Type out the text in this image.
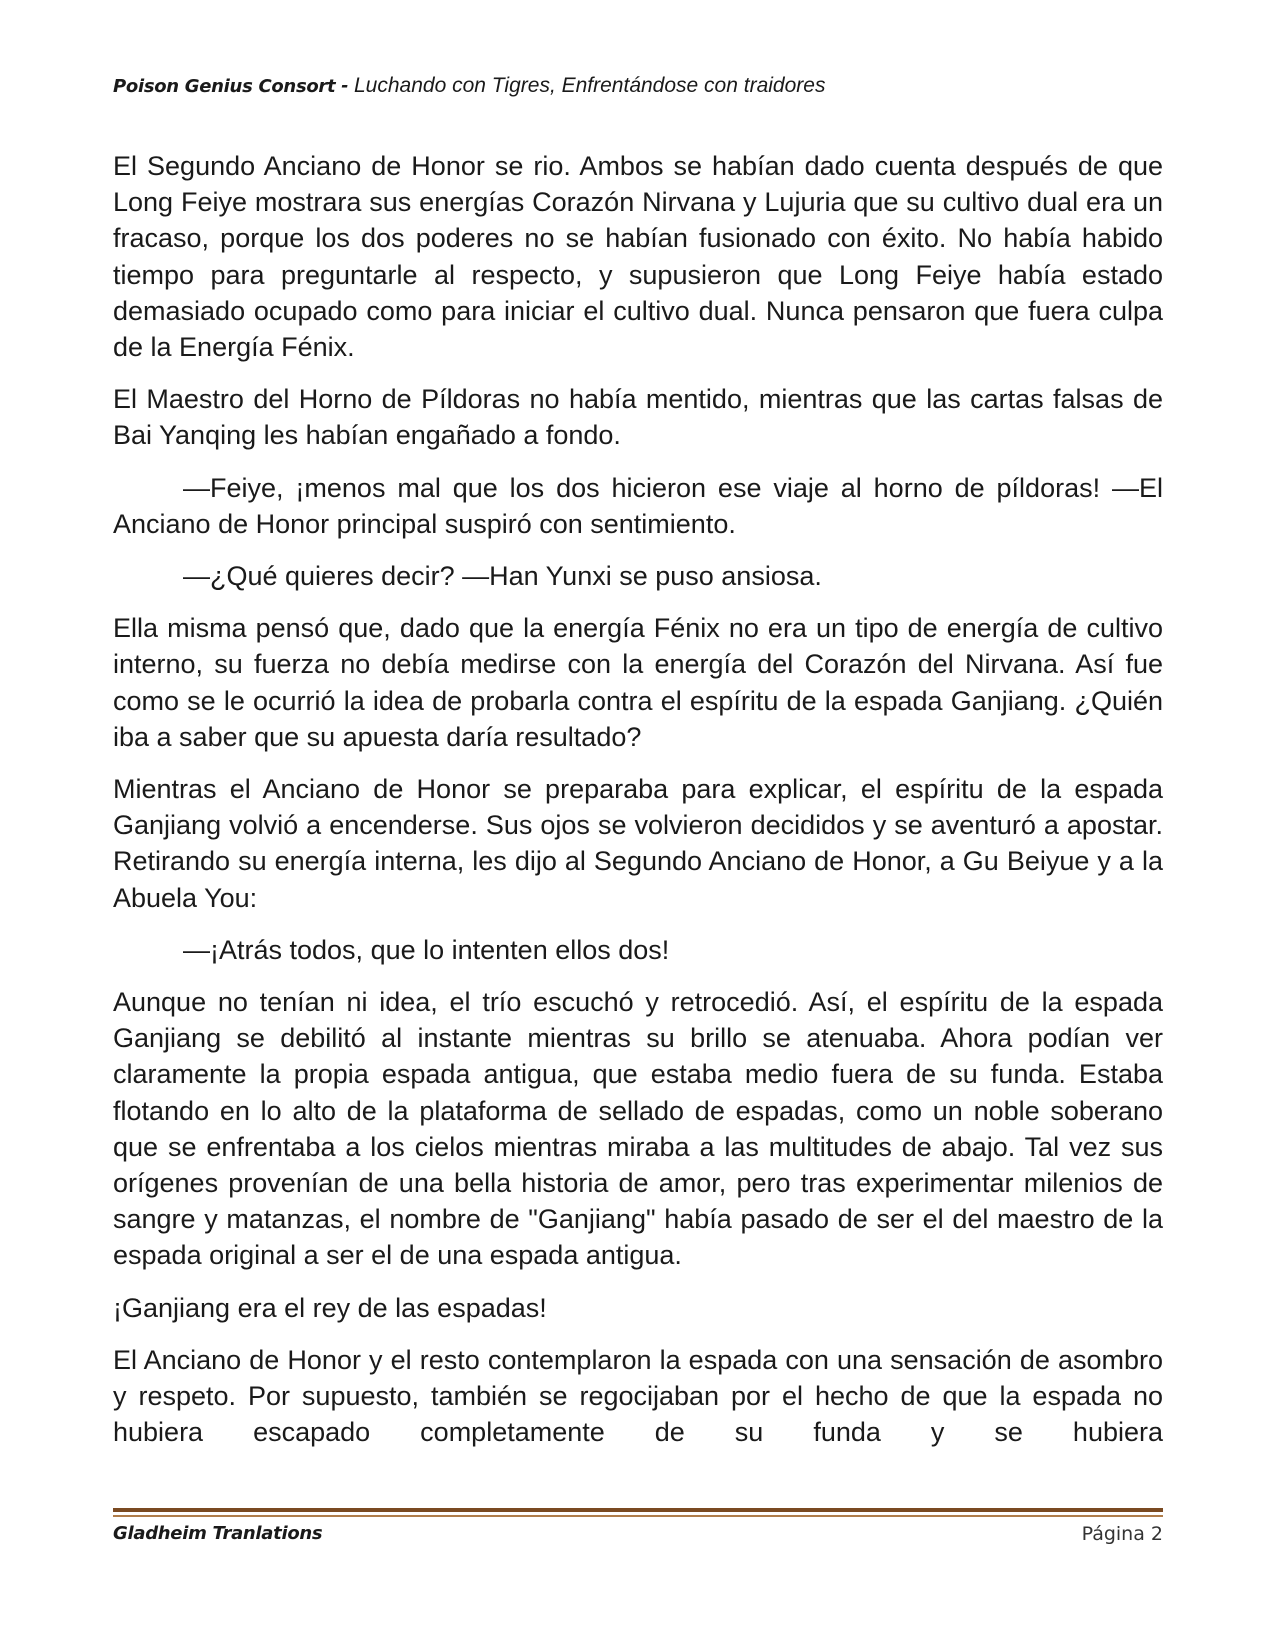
Poison Genius Consort - Luchando con Tigres, Enfrentándose con traidores

El Segundo Anciano de Honor se rio. Ambos se habían dado cuenta después de que Long Feiye mostrara sus energías Corazón Nirvana y Lujuria que su cultivo dual era un fracaso, porque los dos poderes no se habían fusionado con éxito. No había habido tiempo para preguntarle al respecto, y supusieron que Long Feiye había estado demasiado ocupado como para iniciar el cultivo dual. Nunca pensaron que fuera culpa de la Energía Fénix.

El Maestro del Horno de Píldoras no había mentido, mientras que las cartas falsas de Bai Yanqing les habían engañado a fondo.

—Feiye, ¡menos mal que los dos hicieron ese viaje al horno de píldoras! —El Anciano de Honor principal suspiró con sentimiento.

—¿Qué quieres decir? —Han Yunxi se puso ansiosa.

Ella misma pensó que, dado que la energía Fénix no era un tipo de energía de cultivo interno, su fuerza no debía medirse con la energía del Corazón del Nirvana. Así fue como se le ocurrió la idea de probarla contra el espíritu de la espada Ganjiang. ¿Quién iba a saber que su apuesta daría resultado?

Mientras el Anciano de Honor se preparaba para explicar, el espíritu de la espada Ganjiang volvió a encenderse. Sus ojos se volvieron decididos y se aventuró a apostar. Retirando su energía interna, les dijo al Segundo Anciano de Honor, a Gu Beiyue y a la Abuela You:

—¡Atrás todos, que lo intenten ellos dos!

Aunque no tenían ni idea, el trío escuchó y retrocedió. Así, el espíritu de la espada Ganjiang se debilitó al instante mientras su brillo se atenuaba. Ahora podían ver claramente la propia espada antigua, que estaba medio fuera de su funda. Estaba flotando en lo alto de la plataforma de sellado de espadas, como un noble soberano que se enfrentaba a los cielos mientras miraba a las multitudes de abajo. Tal vez sus orígenes provenían de una bella historia de amor, pero tras experimentar milenios de sangre y matanzas, el nombre de "Ganjiang" había pasado de ser el del maestro de la espada original a ser el de una espada antigua.

¡Ganjiang era el rey de las espadas!

El Anciano de Honor y el resto contemplaron la espada con una sensación de asombro y respeto. Por supuesto, también se regocijaban por el hecho de que la espada no hubiera escapado completamente de su funda y se hubiera

Gladheim Tranlations	Página 2
